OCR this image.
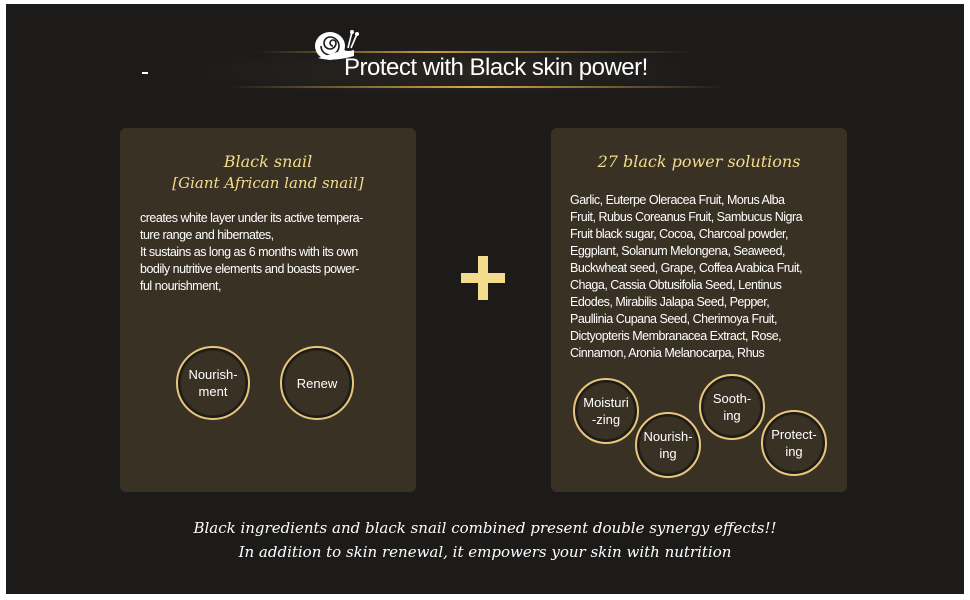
Protect with Black skin power!
Black snail
[Giant African land snail]
creates white layer under its active tempera-
ture range and hibernates,
It sustains as long as 6 months with its own
bodily nutritive elements and boasts power-
ful nourishment,
Nourish-
ment
Renew
27 black power solutions
Garlic, Euterpe Oleracea Fruit, Morus Alba
Fruit, Rubus Coreanus Fruit, Sambucus Nigra
Fruit black sugar, Cocoa, Charcoal powder,
Eggplant, Solanum Melongena, Seaweed,
Buckwheat seed, Grape, Coffea Arabica Fruit,
Chaga, Cassia Obtusifolia Seed, Lentinus
Edodes, Mirabilis Jalapa Seed, Pepper,
Paullinia Cupana Seed, Cherimoya Fruit,
Dictyopteris Membranacea Extract, Rose,
Cinnamon, Aronia Melanocarpa, Rhus
Moisturi
-zing
Nourish-
ing
Sooth-
ing
Protect-
ing
Black ingredients and black snail combined present double synergy effects!!
In addition to skin renewal, it empowers your skin with nutrition
